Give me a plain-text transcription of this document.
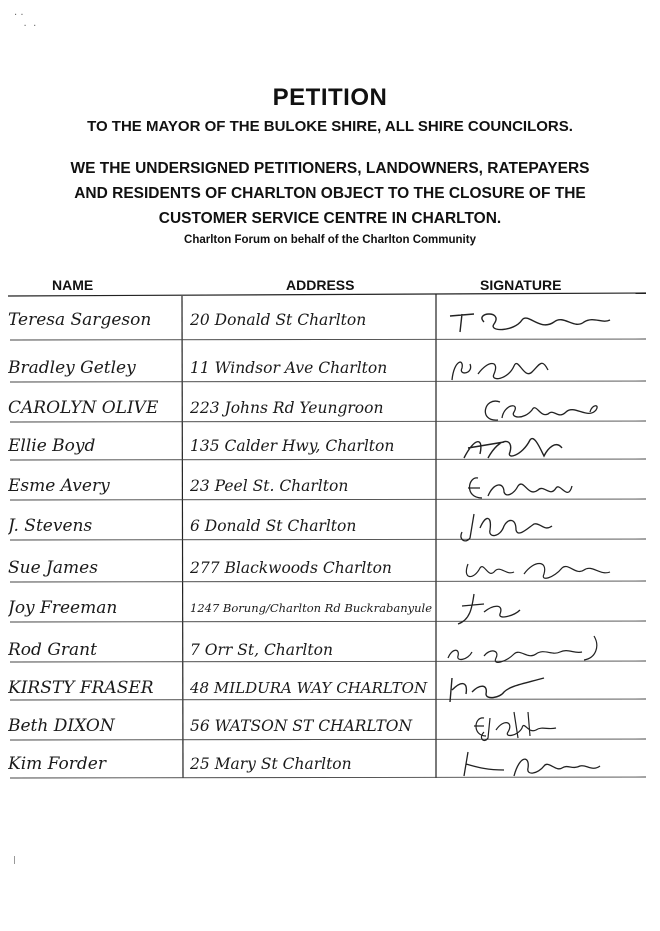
· ·
·  ·
PETITION
TO THE MAYOR OF THE BULOKE SHIRE, ALL SHIRE COUNCILORS.
WE THE UNDERSIGNED PETITIONERS, LANDOWNERS, RATEPAYERS
AND RESIDENTS OF CHARLTON OBJECT TO THE CLOSURE OF THE
CUSTOMER SERVICE CENTRE IN CHARLTON.
Charlton Forum on behalf of the Charlton Community
NAME	ADDRESS	SIGNATURE
Teresa Sargeson	20 Donald St Charlton
Bradley Getley	11 Windsor Ave Charlton
CAROLYN OLIVE	223 Johns Rd Yeungroon
Ellie Boyd	135 Calder Hwy, Charlton
Esme Avery	23 Peel St. Charlton
J. Stevens	6 Donald St Charlton
Sue James	277 Blackwoods Charlton
Joy Freeman	1247 Borung/Charlton Rd Buckrabanyule
Rod Grant	7 Orr St, Charlton
KIRSTY FRASER	48 MILDURA WAY CHARLTON
Beth DIXON	56 WATSON ST CHARLTON
Kim Forder	25 Mary St Charlton
